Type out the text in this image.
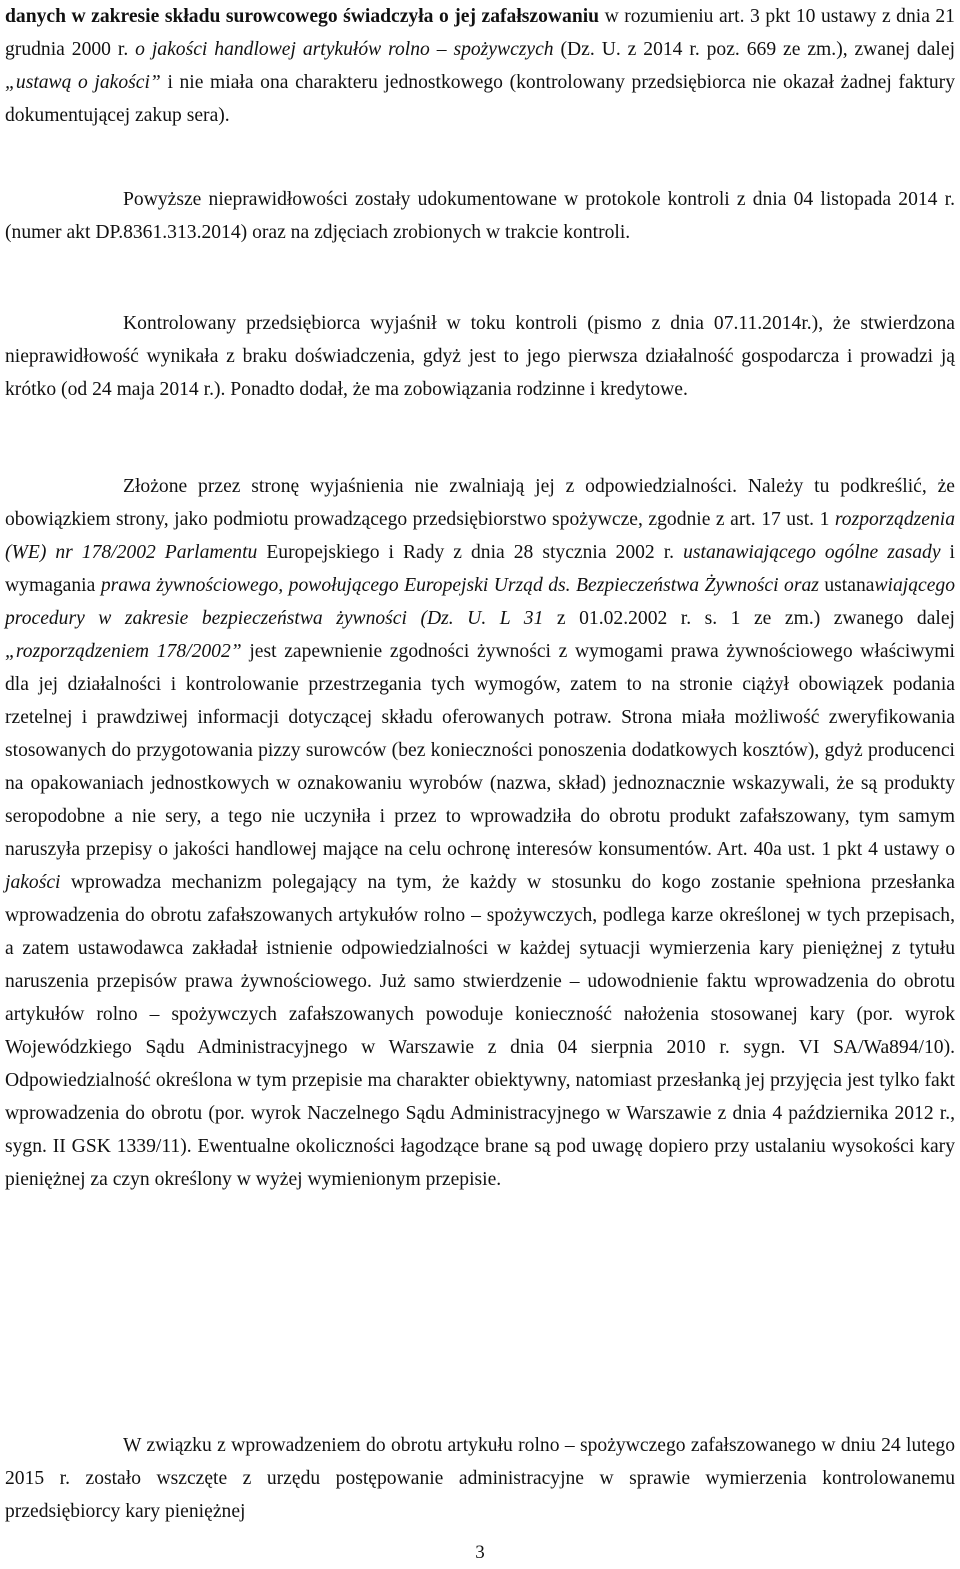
danych w zakresie składu surowcowego świadczyła o jej zafałszowaniu w rozumieniu art. 3 pkt 10 ustawy z dnia 21 grudnia 2000 r. o jakości handlowej artykułów rolno – spożywczych (Dz. U. z 2014 r. poz. 669 ze zm.), zwanej dalej „ustawą o jakości” i nie miała ona charakteru jednostkowego (kontrolowany przedsiębiorca nie okazał żadnej faktury dokumentującej zakup sera).

Powyższe nieprawidłowości zostały udokumentowane w protokole kontroli z dnia 04 listopada 2014 r. (numer akt DP.8361.313.2014) oraz na zdjęciach zrobionych w trakcie kontroli.

Kontrolowany przedsiębiorca wyjaśnił w toku kontroli (pismo z dnia 07.11.2014r.), że stwierdzona nieprawidłowość wynikała z braku doświadczenia, gdyż jest to jego pierwsza działalność gospodarcza i prowadzi ją krótko (od 24 maja 2014 r.). Ponadto dodał, że ma zobowiązania rodzinne i kredytowe.

Złożone przez stronę wyjaśnienia nie zwalniają jej z odpowiedzialności. Należy tu podkreślić, że obowiązkiem strony, jako podmiotu prowadzącego przedsiębiorstwo spożywcze, zgodnie z art. 17 ust. 1 rozporządzenia (WE) nr 178/2002 Parlamentu Europejskiego i Rady z dnia 28 stycznia 2002 r. ustanawiającego ogólne zasady i wymagania prawa żywnościowego, powołującego Europejski Urząd ds. Bezpieczeństwa Żywności oraz ustanawiającego procedury w zakresie bezpieczeństwa żywności (Dz. U. L 31 z 01.02.2002 r. s. 1 ze zm.) zwanego dalej „rozporządzeniem 178/2002” jest zapewnienie zgodności żywności z wymogami prawa żywnościowego właściwymi dla jej działalności i kontrolowanie przestrzegania tych wymogów, zatem to na stronie ciążył obowiązek podania rzetelnej i prawdziwej informacji dotyczącej składu oferowanych potraw. Strona miała możliwość zweryfikowania stosowanych do przygotowania pizzy surowców (bez konieczności ponoszenia dodatkowych kosztów), gdyż producenci na opakowaniach jednostkowych w oznakowaniu wyrobów (nazwa, skład) jednoznacznie wskazywali, że są produkty seropodobne a nie sery, a tego nie uczyniła i przez to wprowadziła do obrotu produkt zafałszowany, tym samym naruszyła przepisy o jakości handlowej mające na celu ochronę interesów konsumentów. Art. 40a ust. 1 pkt 4 ustawy o jakości wprowadza mechanizm polegający na tym, że każdy w stosunku do kogo zostanie spełniona przesłanka wprowadzenia do obrotu zafałszowanych artykułów rolno – spożywczych, podlega karze określonej w tych przepisach, a zatem ustawodawca zakładał istnienie odpowiedzialności w każdej sytuacji wymierzenia kary pieniężnej z tytułu naruszenia przepisów prawa żywnościowego. Już samo stwierdzenie – udowodnienie faktu wprowadzenia do obrotu artykułów rolno – spożywczych zafałszowanych powoduje konieczność nałożenia stosowanej kary (por. wyrok Wojewódzkiego Sądu Administracyjnego w Warszawie z dnia 04 sierpnia 2010 r. sygn. VI SA/Wa894/10). Odpowiedzialność określona w tym przepisie ma charakter obiektywny, natomiast przesłanką jej przyjęcia jest tylko fakt wprowadzenia do obrotu (por. wyrok Naczelnego Sądu Administracyjnego w Warszawie z dnia 4 października 2012 r., sygn. II GSK 1339/11). Ewentualne okoliczności łagodzące brane są pod uwagę dopiero przy ustalaniu wysokości kary pieniężnej za czyn określony w wyżej wymienionym przepisie.

W związku z wprowadzeniem do obrotu artykułu rolno – spożywczego zafałszowanego w dniu 24 lutego 2015 r. zostało wszczęte z urzędu postępowanie administracyjne w sprawie wymierzenia kontrolowanemu przedsiębiorcy kary pieniężnej

3
